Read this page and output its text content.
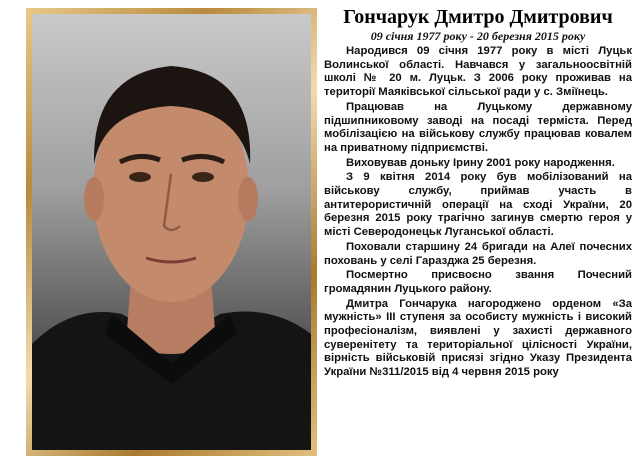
Гончарук Дмитро Дмитрович
09 січня 1977 року - 20 березня 2015 року
Народився 09 січня 1977 року в місті Луцьк Волинської області. Навчався у загальноосвітній школі № 20 м. Луцьк. З 2006 року проживав на території Маяківської сільської ради у с. Зміїнець.
Працював на Луцькому державному підшипниковому заводі на посаді терміста. Перед мобілізацією на військову службу працював ковалем на приватному підприємстві.
Виховував доньку Ірину 2001 року народження.
З 9 квітня 2014 року був мобілізований на військову службу, приймав участь в антитерористичній операції на сході України, 20 березня 2015 року трагічно загинув смертю героя у місті Северодонецьк Луганської області.
Поховали старшину 24 бригади на Алеї почесних поховань у селі Гаразджа 25 березня.
Посмертно присвоєно звання Почесний громадянин Луцького району.
Дмитра Гончарука нагороджено орденом «За мужність» ІІІ ступеня за особисту мужність і високий професіоналізм, виявлені у захисті державного суверенітету та територіальної цілісності України, вірність військовій присязі згідно Указу Президента України №311/2015 від 4 червня 2015 року
